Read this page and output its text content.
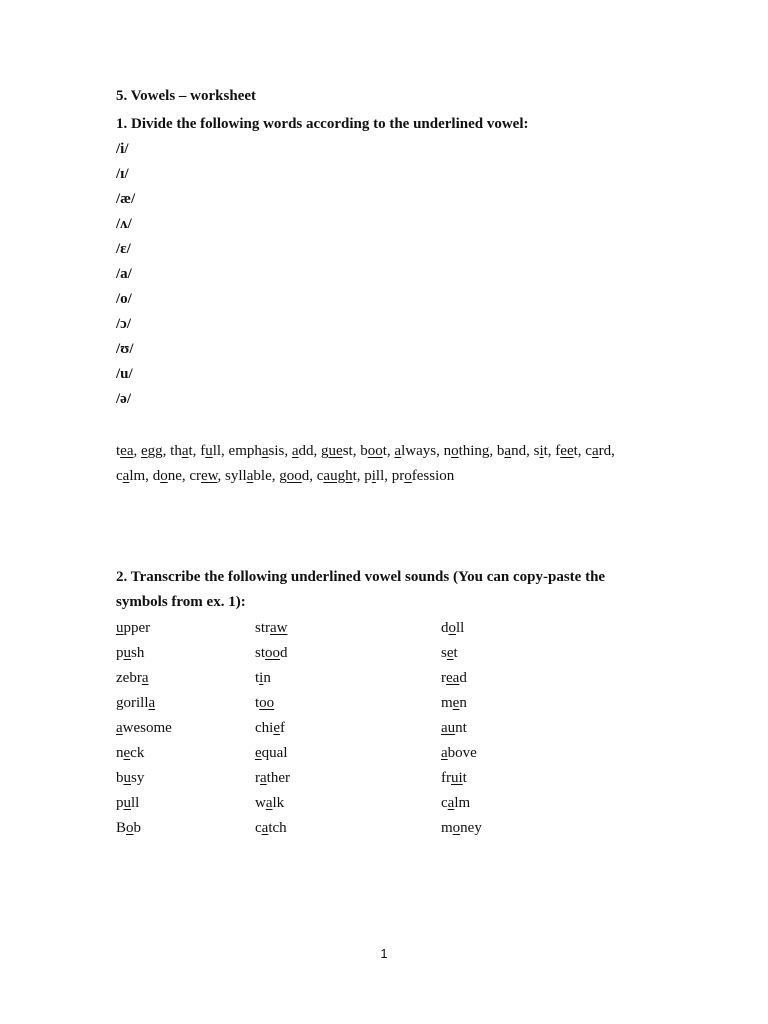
5. Vowels – worksheet
1. Divide the following words according to the underlined vowel:
/i/
/ɪ/
/æ/
/ʌ/
/ɛ/
/a/
/o/
/ɔ/
/ʊ/
/u/
/ə/
tea, egg, that, full, emphasis, add, guest, boot, always, nothing, band, sit, feet, card,
calm, done, crew, syllable, good, caught, pill, profession
2. Transcribe the following underlined vowel sounds (You can copy-paste the
symbols from ex. 1):
upper	straw	doll
push	stood	set
zebra	tin	read
gorilla	too	men
awesome	chief	aunt
neck	equal	above
busy	rather	fruit
pull	walk	calm
Bob	catch	money
1
